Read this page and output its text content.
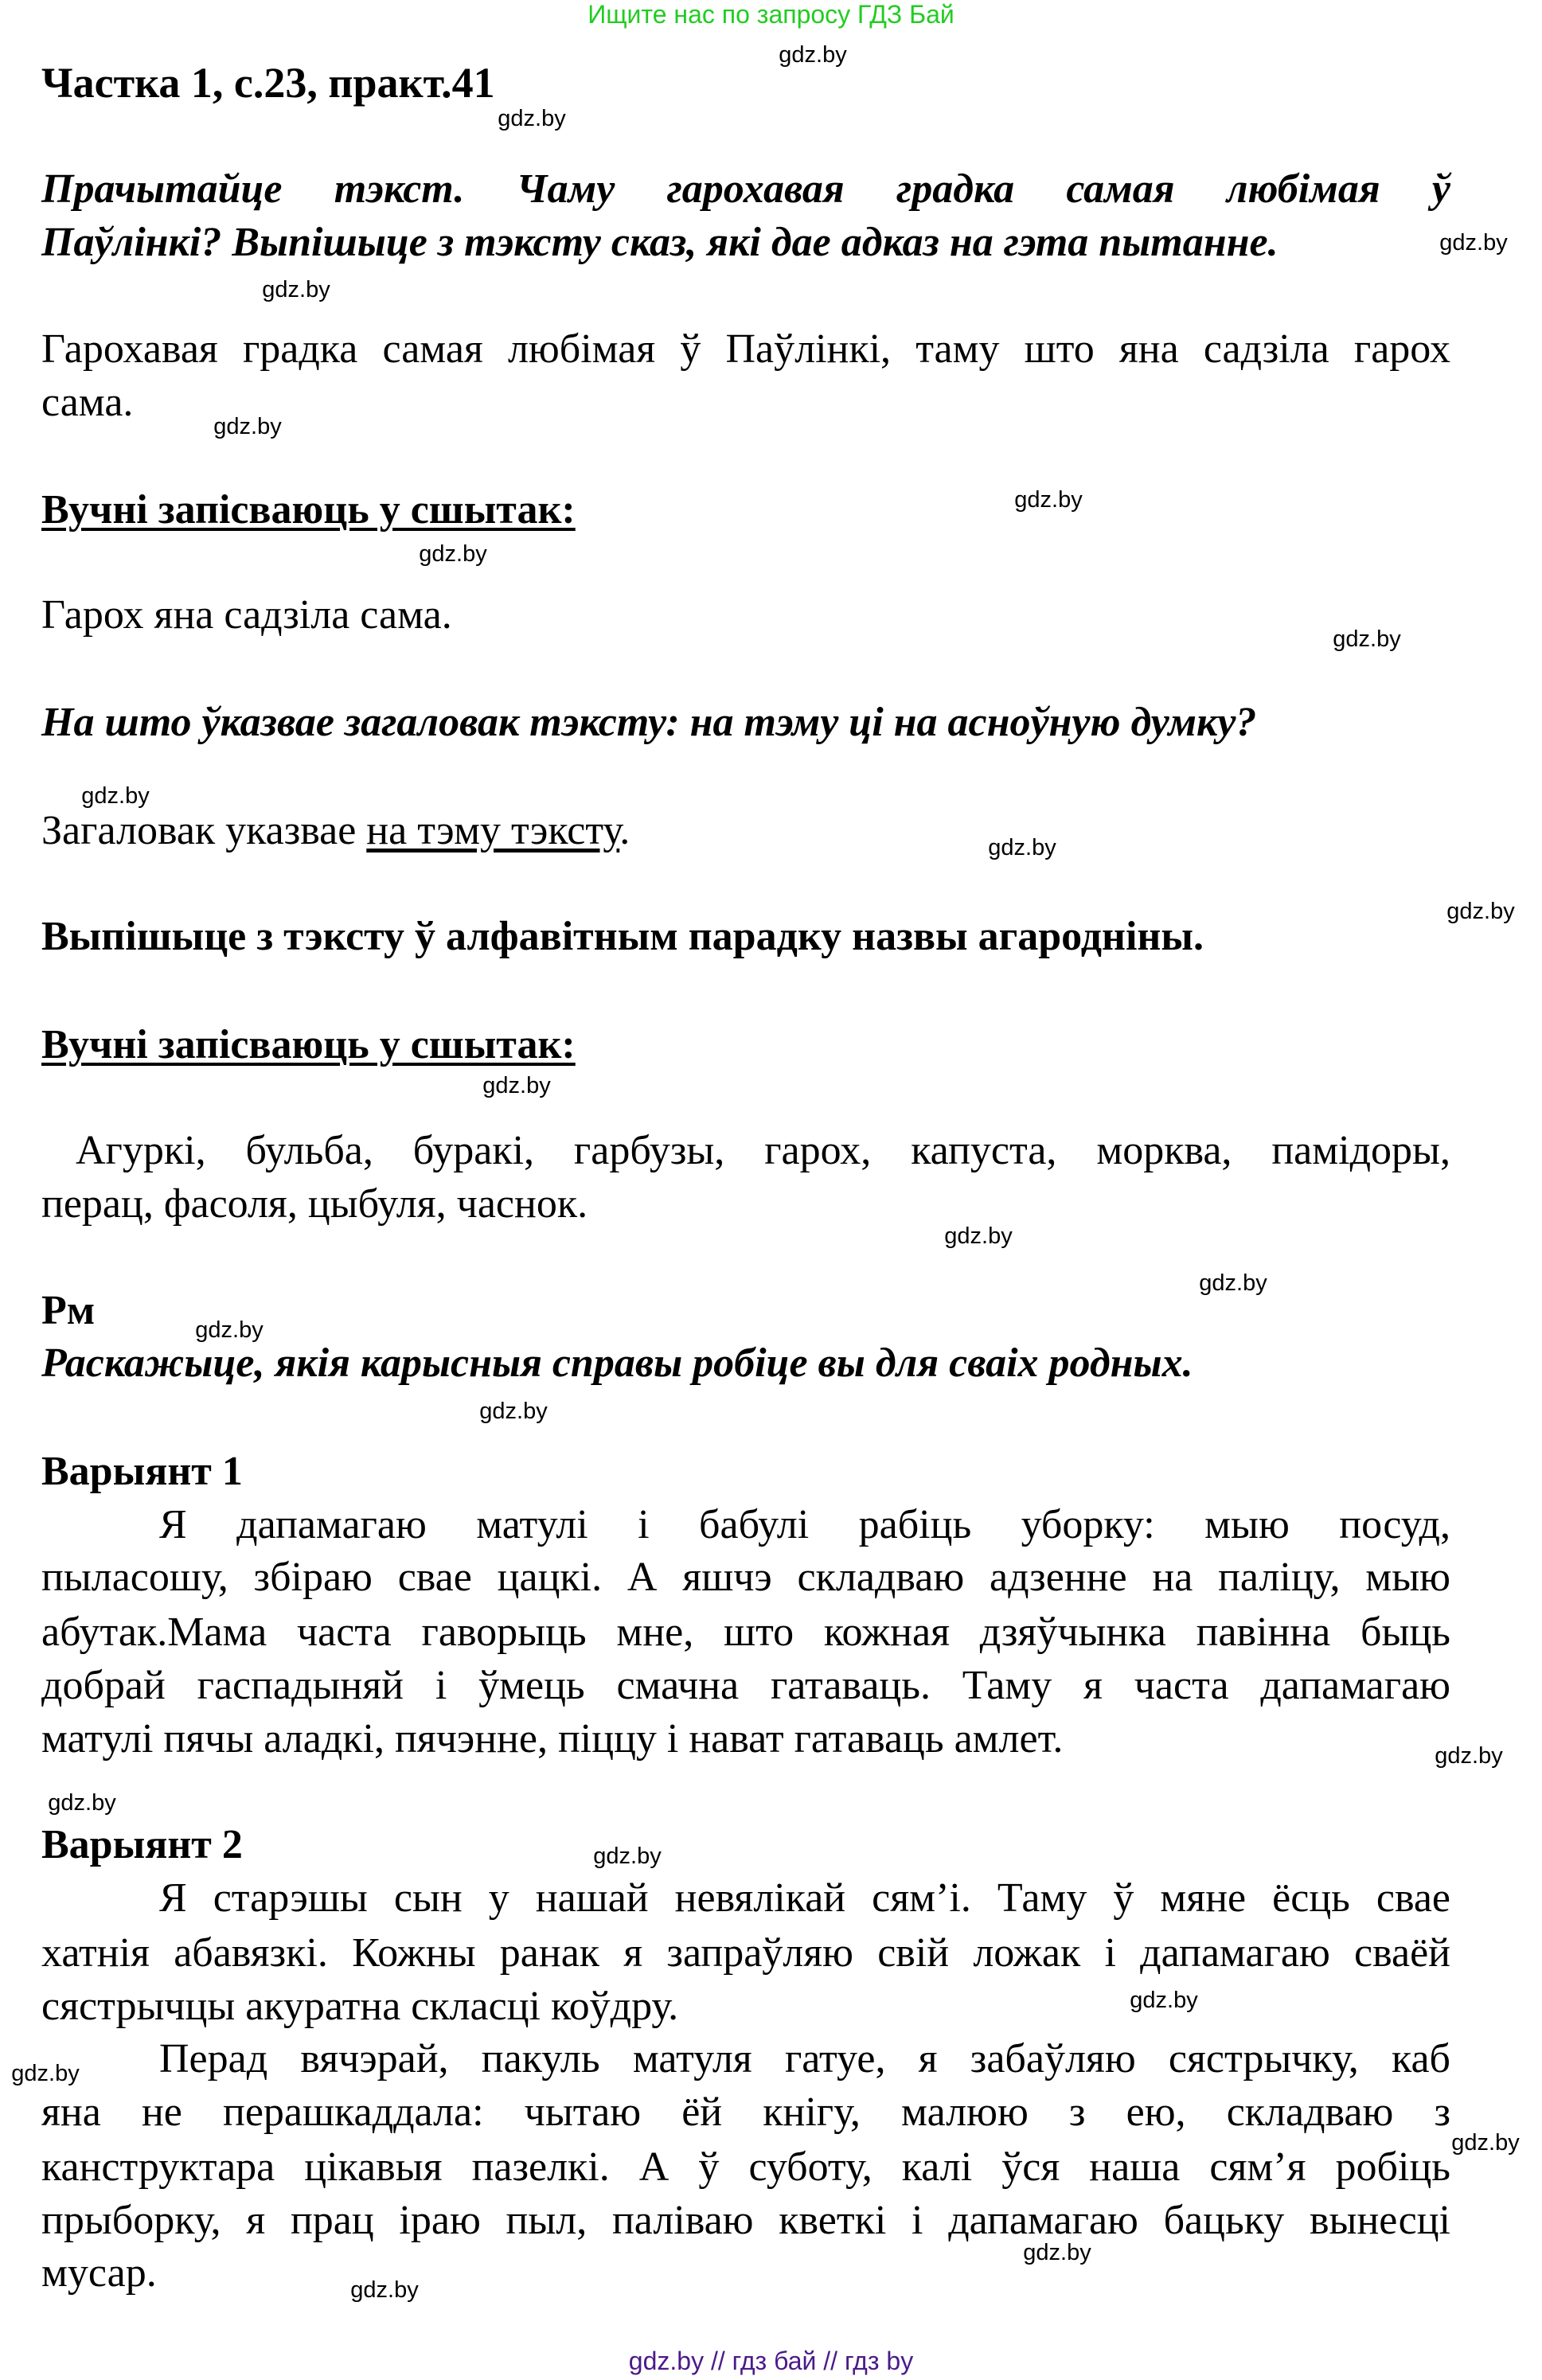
Ищите нас по запросу ГДЗ Бай
Частка 1, с.23, практ.41
Прачытайце тэкст. Чаму гарохавая градка самая любімая ў
Паўлінкі? Выпішыце з тэксту сказ, які дае адказ на гэта пытанне.
Гарохавая градка самая любімая ў Паўлінкі, таму што яна садзіла гарох
сама.
Вучні запісваюць у сшытак:
Гарох яна садзіла сама.
На што ўказвае загаловак тэксту: на тэму ці на асноўную думку?
Загаловак указвае на тэму тэксту.
Выпішыце з тэксту ў алфавітным парадку назвы агародніны.
Вучні запісваюць у сшытак:
Агуркі, бульба, буракі, гарбузы, гарох, капуста, морква, памідоры,
перац, фасоля, цыбуля, часнок.
Рм
Раскажыце, якія карысныя справы робіце вы для сваіх родных.
Варыянт 1
Я дапамагаю матулі і бабулі рабіць уборку: мыю посуд,
пыласошу, збіраю свае цацкі. А яшчэ складваю адзенне на паліцу, мыю
абутак.Мама часта гаворыць мне, што кожная дзяўчынка павінна быць
добрай гаспадыняй і ўмець смачна гатаваць. Таму я часта дапамагаю
матулі пячы аладкі, пячэнне, піццу і нават гатаваць амлет.
Варыянт 2
Я старэшы сын у нашай невялікай сям’і. Таму ў мяне ёсць свае
хатнія абавязкі. Кожны ранак я запраўляю свій ложак і дапамагаю сваёй
сястрычцы акуратна скласці коўдру.
Перад вячэрай, пакуль матуля гатуе, я забаўляю сястрычку, каб
яна не перашкаддала: чытаю ёй кнігу, малюю з ею, складваю з
канструктара цікавыя пазелкі. А ў суботу, калі ўся наша сям’я робіць
прыборку, я прац іраю пыл, паліваю кветкі і дапамагаю бацьку вынесці
мусар.
gdz.by
gdz.by
gdz.by
gdz.by
gdz.by
gdz.by
gdz.by
gdz.by
gdz.by
gdz.by
gdz.by
gdz.by
gdz.by
gdz.by
gdz.by
gdz.by
gdz.by
gdz.by
gdz.by
gdz.by
gdz.by
gdz.by
gdz.by
gdz.by
gdz.by // гдз бай // гдз by
